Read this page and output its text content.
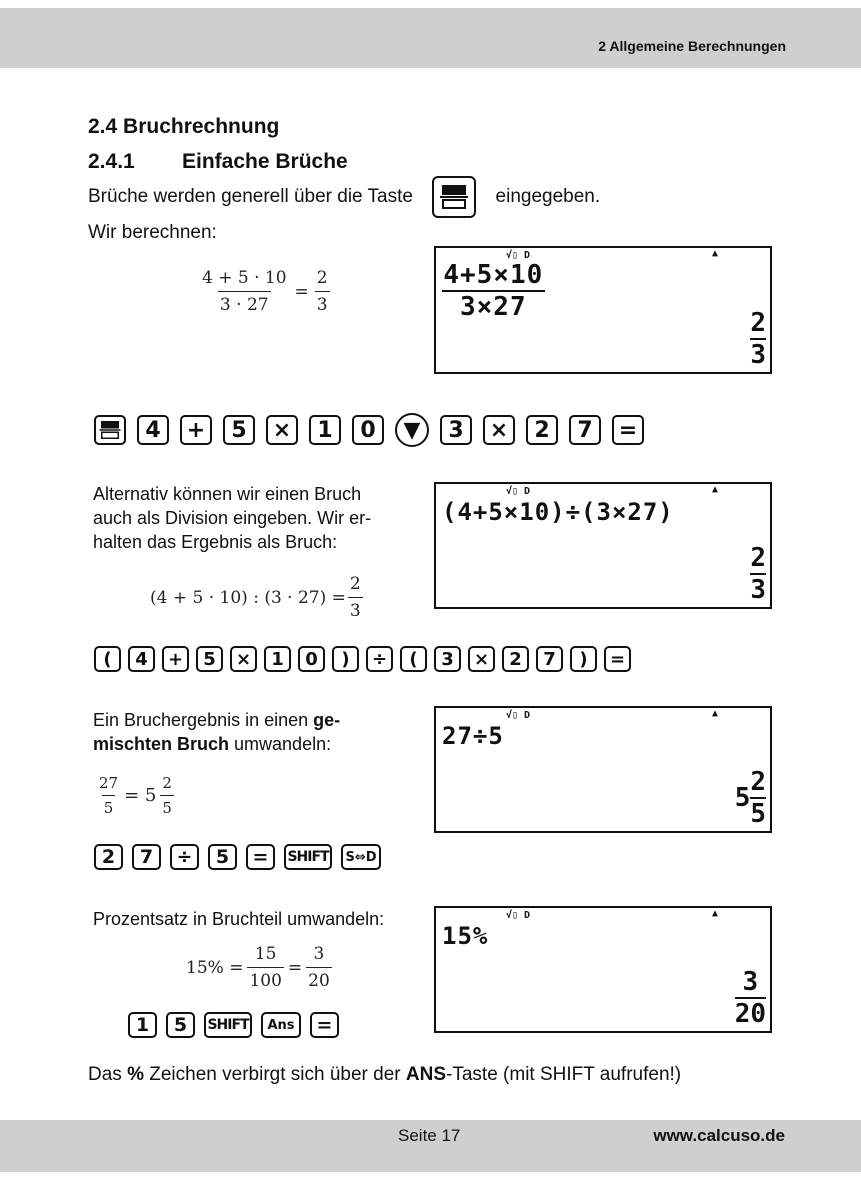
2 Allgemeine Berechnungen
Seite 17	www.calcuso.de
2.4 Bruchrechnung
2.4.1 Einfache Brüche
Brüche werden generell über die Taste	eingegeben.
Wir berechnen:
$\frac{4 + 5 \cdot 10}{3 \cdot 27} = \frac{2}{3}$
√▯ D	▲
$\frac{4+5\times 10}{3\times 27}$
2
3
4	+	5	×	1	0	▼	3	×	2	7	=
Alternativ können wir einen Bruch
auch als Division eingeben. Wir er-
halten das Ergebnis als Bruch:
(4 + 5 · 10) : $(3 \cdot 27) = \frac{2}{3}$
√▯ D	▲
(4+5×10)÷(3×27)
2
3
(	4	+	5	×	1	0	)	÷	(	3	×	2	7	)	=
Ein Bruchergebnis in einen ge-
mischten Bruch umwandeln:
$\frac{27}{5} = 5 \frac{2}{5}$
√▯ D	▲
27÷5
5
2
5
2	7	÷	5	=	SHIFT	S⇔D
Prozentsatz in Bruchteil umwandeln:
$15\% = \frac{15}{100} = \frac{3}{20}$
√▯ D	▲
15%
3
20
1	5	SHIFT	Ans	=
Das % Zeichen verbirgt sich über der ANS-Taste (mit SHIFT aufrufen!)
